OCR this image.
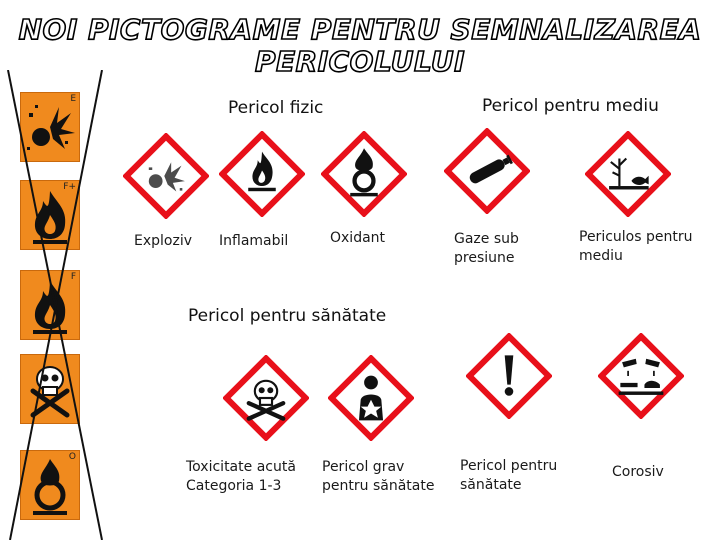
NOI PICTOGRAME PENTRU SEMNALIZAREA
PERICOLULUI
Pericol fizic	Pericol pentru mediu
Pericol pentru sănătate
E
F+
F
O
Exploziv Inflamabil	Oxidant	Gaze sub
presiune
Periculos pentru
mediu
Toxicitate acută
Categoria 1-3
Pericol grav
pentru sănătate
Pericol pentru
sănătate
Corosiv
